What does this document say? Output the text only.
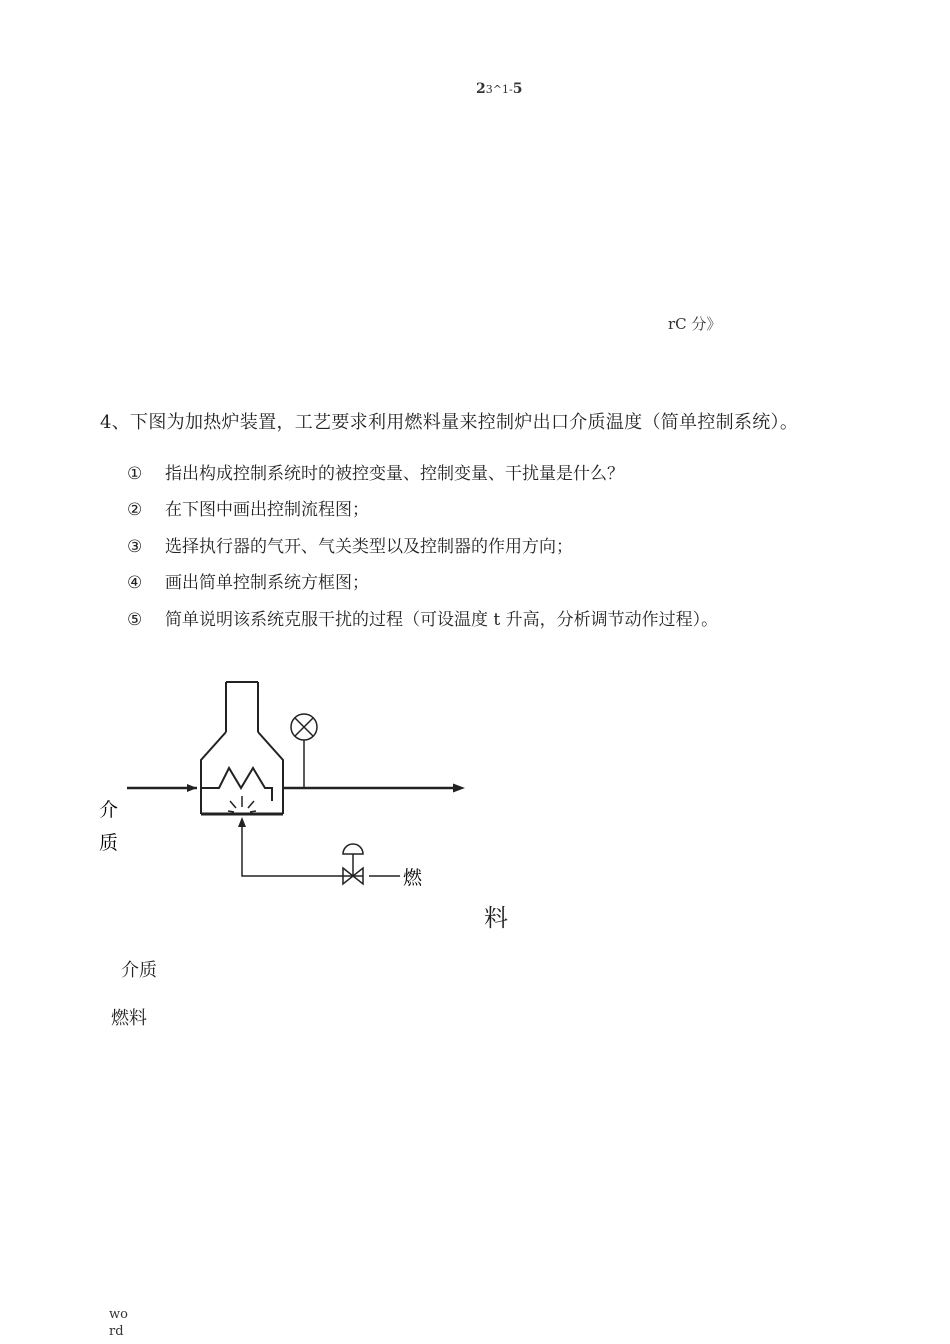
23^1-5
rC 分》
4、下图为加热炉装置，工艺要求利用燃料量来控制炉出口介质温度（简单控制系统）。
① 指出构成控制系统时的被控变量、控制变量、干扰量是什么？
② 在下图中画出控制流程图；
③ 选择执行器的气开、气关类型以及控制器的作用方向；
④ 画出简单控制系统方框图；
⑤ 简单说明该系统克服干扰的过程（可设温度 t 升高，分析调节动作过程）。
介
质
燃
料
介质
燃料
wo
rd
